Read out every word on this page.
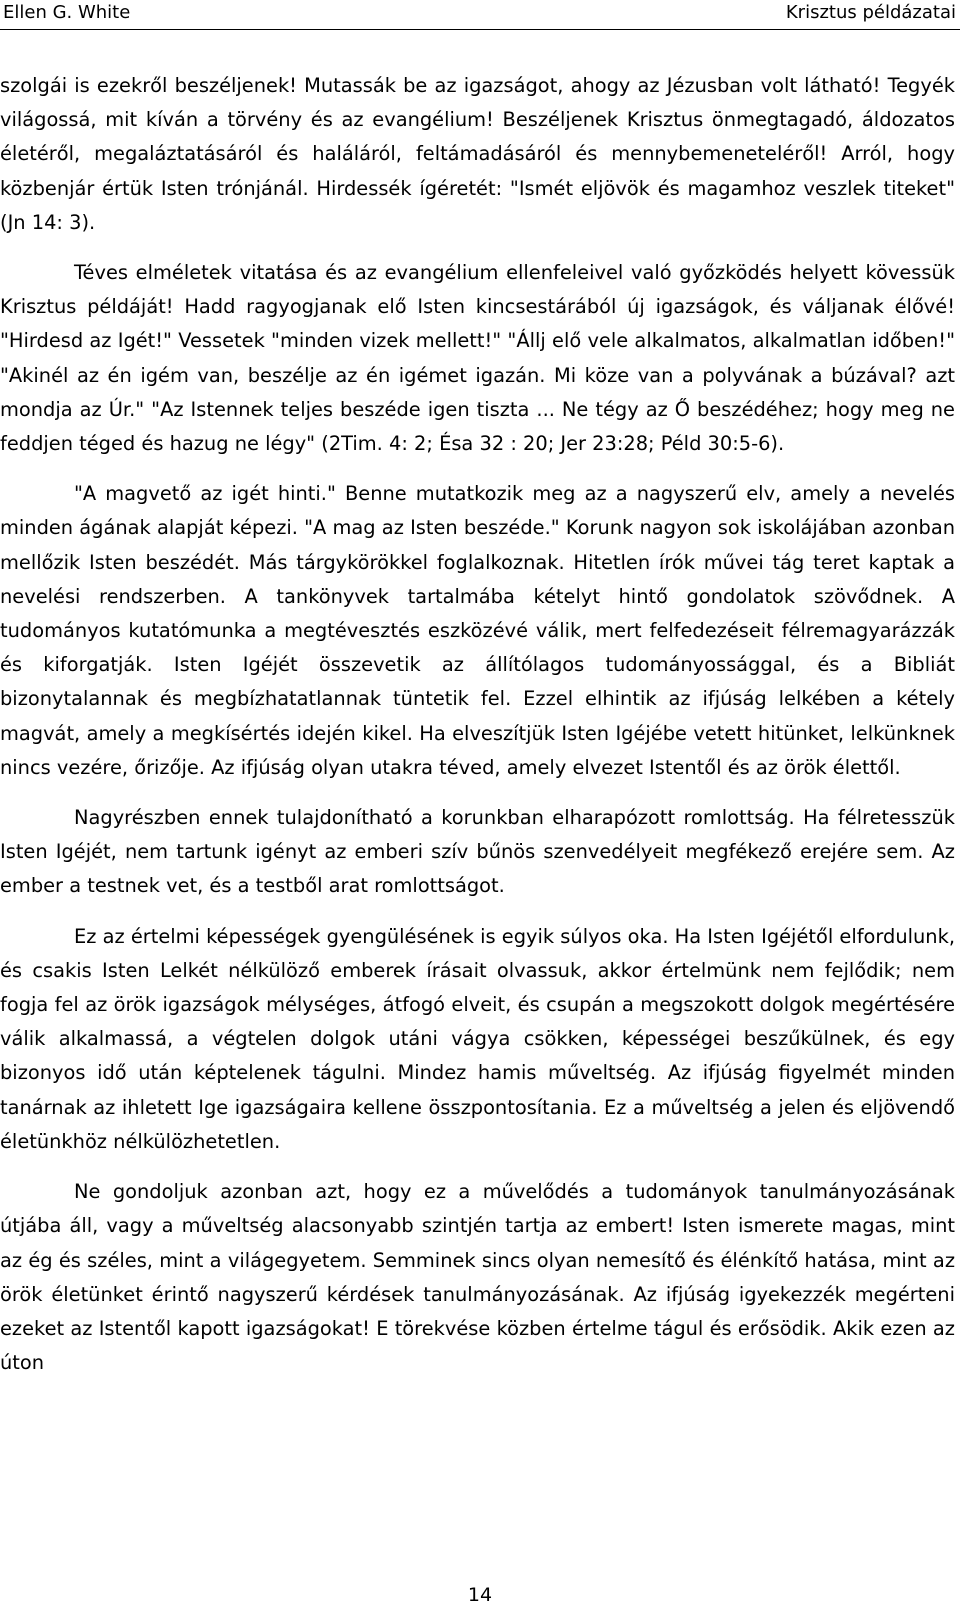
Ellen G. White	Krisztus példázatai

szolgái is ezekről beszéljenek! Mutassák be az igazságot, ahogy az Jézusban volt látható! Tegyék világossá, mit kíván a törvény és az evangélium! Beszéljenek Krisztus önmegtagadó, áldozatos életéről, megaláztatásáról és haláláról, feltámadásáról és mennybemeneteléről! Arról, hogy közbenjár értük Isten trónjánál. Hirdessék ígéretét: "Ismét eljövök és magamhoz veszlek titeket" (Jn 14: 3).

Téves elméletek vitatása és az evangélium ellenfeleivel való győzködés helyett kövessük Krisztus példáját! Hadd ragyogjanak elő Isten kincsestárából új igazságok, és váljanak élővé! "Hirdesd az Igét!" Vessetek "minden vizek mellett!" "Állj elő vele alkalmatos, alkalmatlan időben!" "Akinél az én igém van, beszélje az én igémet igazán. Mi köze van a polyvának a búzával? azt mondja az Úr." "Az Istennek teljes beszéde igen tiszta ... Ne tégy az Ő beszédéhez; hogy meg ne feddjen téged és hazug ne légy" (2Tim. 4: 2; Ésa 32 : 20; Jer 23:28; Péld 30:5-6).

"A magvető az igét hinti." Benne mutatkozik meg az a nagyszerű elv, amely a nevelés minden ágának alapját képezi. "A mag az Isten beszéde." Korunk nagyon sok iskolájában azonban mellőzik Isten beszédét. Más tárgykörökkel foglalkoznak. Hitetlen írók művei tág teret kaptak a nevelési rendszerben. A tankönyvek tartalmába kételyt hintő gondolatok szövődnek. A tudományos kutatómunka a megtévesztés eszközévé válik, mert felfedezéseit félremagyarázzák és kiforgatják. Isten Igéjét összevetik az állítólagos tudományossággal, és a Bibliát bizonytalannak és megbízhatatlannak tüntetik fel. Ezzel elhintik az ifjúság lelkében a kétely magvát, amely a megkísértés idején kikel. Ha elveszítjük Isten Igéjébe vetett hitünket, lelkünknek nincs vezére, őrizője. Az ifjúság olyan utakra téved, amely elvezet Istentől és az örök élettől.

Nagyrészben ennek tulajdonítható a korunkban elharapózott romlottság. Ha félretesszük Isten Igéjét, nem tartunk igényt az emberi szív bűnös szenvedélyeit megfékező erejére sem. Az ember a testnek vet, és a testből arat romlottságot.

Ez az értelmi képességek gyengülésének is egyik súlyos oka. Ha Isten Igéjétől elfordulunk, és csakis Isten Lelkét nélkülöző emberek írásait olvassuk, akkor értelmünk nem fejlődik; nem fogja fel az örök igazságok mélységes, átfogó elveit, és csupán a megszokott dolgok megértésére válik alkalmassá, a végtelen dolgok utáni vágya csökken, képességei beszűkülnek, és egy bizonyos idő után képtelenek tágulni. Mindez hamis műveltség. Az ifjúság figyelmét minden tanárnak az ihletett Ige igazságaira kellene összpontosítania. Ez a műveltség a jelen és eljövendő életünkhöz nélkülözhetetlen.

Ne gondoljuk azonban azt, hogy ez a művelődés a tudományok tanulmányozásának útjába áll, vagy a műveltség alacsonyabb szintjén tartja az embert! Isten ismerete magas, mint az ég és széles, mint a világegyetem. Semminek sincs olyan nemesítő és élénkítő hatása, mint az örök életünket érintő nagyszerű kérdések tanulmányozásának. Az ifjúság igyekezzék megérteni ezeket az Istentől kapott igazságokat! E törekvése közben értelme tágul és erősödik. Akik ezen az úton

14
